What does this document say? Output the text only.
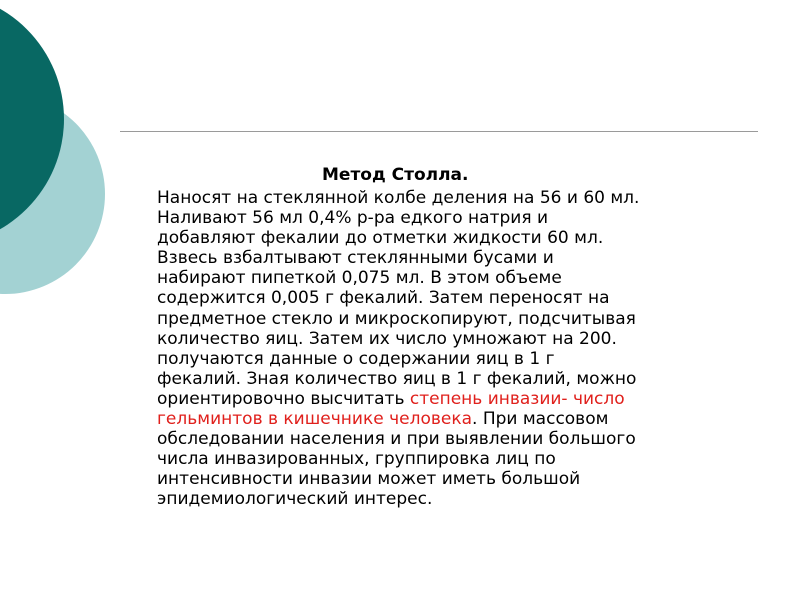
Метод Столла.
Наносят на стеклянной колбе деления на 56 и 60 мл.
Наливают 56 мл 0,4% р-ра едкого натрия и
добавляют фекалии до отметки жидкости 60 мл.
Взвесь взбалтывают стеклянными бусами и
набирают пипеткой 0,075 мл. В этом объеме
содержится 0,005 г фекалий. Затем переносят на
предметное стекло и микроскопируют, подсчитывая
количество яиц. Затем их число умножают на 200.
получаются данные о содержании яиц в 1 г
фекалий. Зная количество яиц в 1 г фекалий, можно
ориентировочно высчитать степень инвазии- число
гельминтов в кишечнике человека. При массовом
обследовании населения и при выявлении большого
числа инвазированных, группировка лиц по
интенсивности инвазии может иметь большой
эпидемиологический интерес.
